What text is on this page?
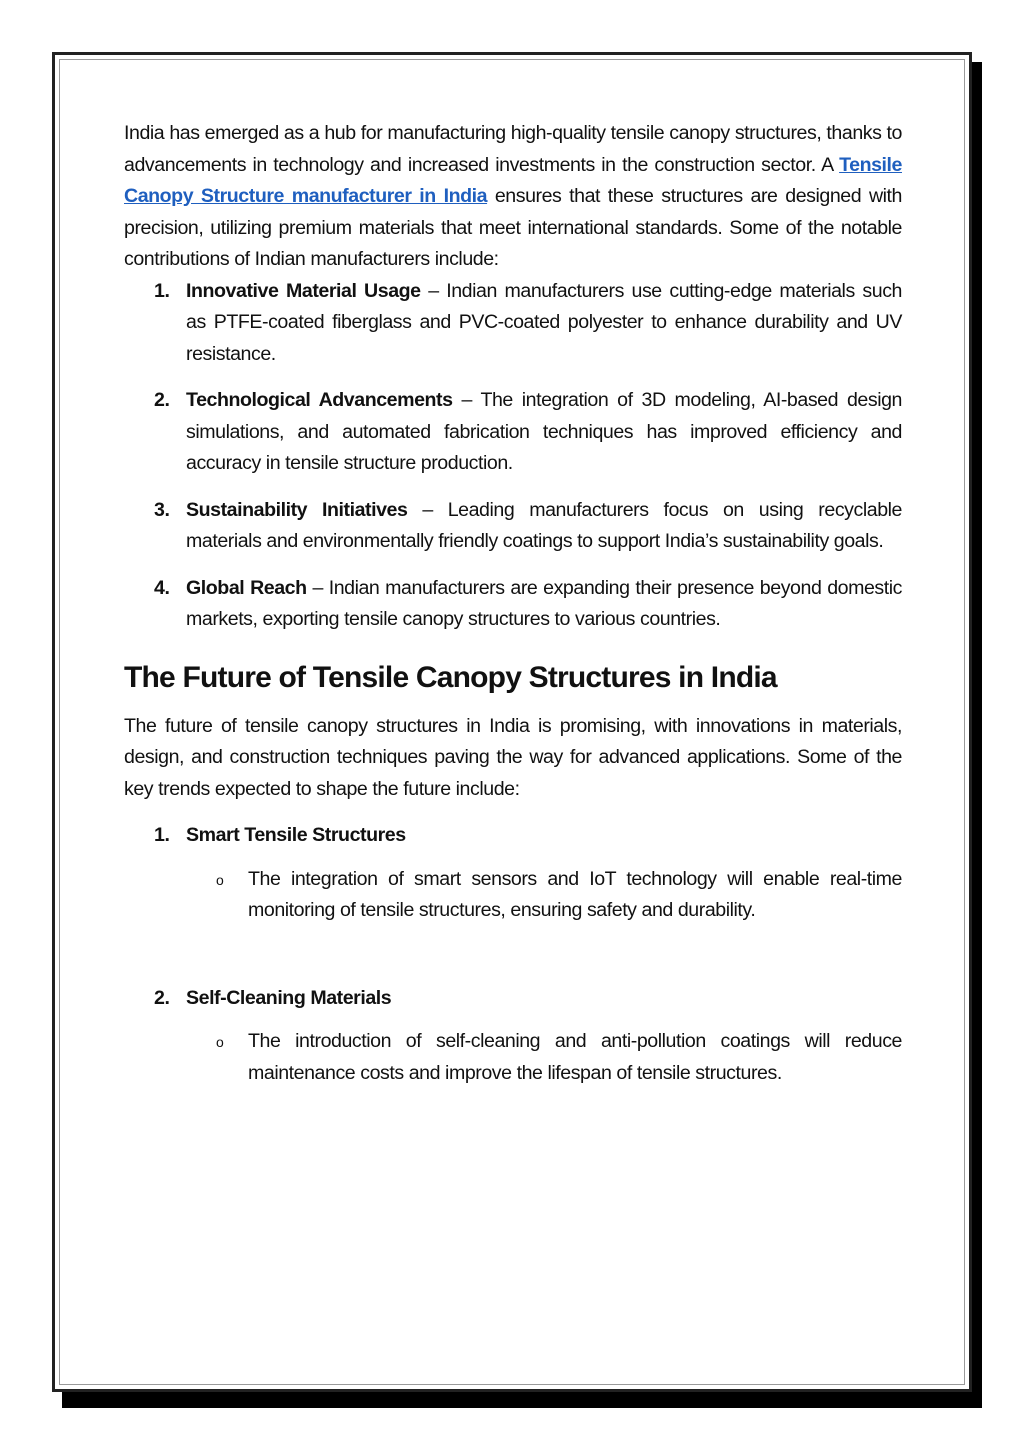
India has emerged as a hub for manufacturing high-quality tensile canopy structures, thanks to advancements in technology and increased investments in the construction sector. A Tensile Canopy Structure manufacturer in India ensures that these structures are designed with precision, utilizing premium materials that meet international standards. Some of the notable contributions of Indian manufacturers include:

1. Innovative Material Usage – Indian manufacturers use cutting-edge materials such as PTFE-coated fiberglass and PVC-coated polyester to enhance durability and UV resistance.
2. Technological Advancements – The integration of 3D modeling, AI-based design simulations, and automated fabrication techniques has improved efficiency and accuracy in tensile structure production.
3. Sustainability Initiatives – Leading manufacturers focus on using recyclable materials and environmentally friendly coatings to support India’s sustainability goals.
4. Global Reach – Indian manufacturers are expanding their presence beyond domestic markets, exporting tensile canopy structures to various countries.
The Future of Tensile Canopy Structures in India

The future of tensile canopy structures in India is promising, with innovations in materials, design, and construction techniques paving the way for advanced applications. Some of the key trends expected to shape the future include:

1. Smart Tensile Structures
o The integration of smart sensors and IoT technology will enable real-time monitoring of tensile structures, ensuring safety and durability.
2. Self-Cleaning Materials
o The introduction of self-cleaning and anti-pollution coatings will reduce maintenance costs and improve the lifespan of tensile structures.
